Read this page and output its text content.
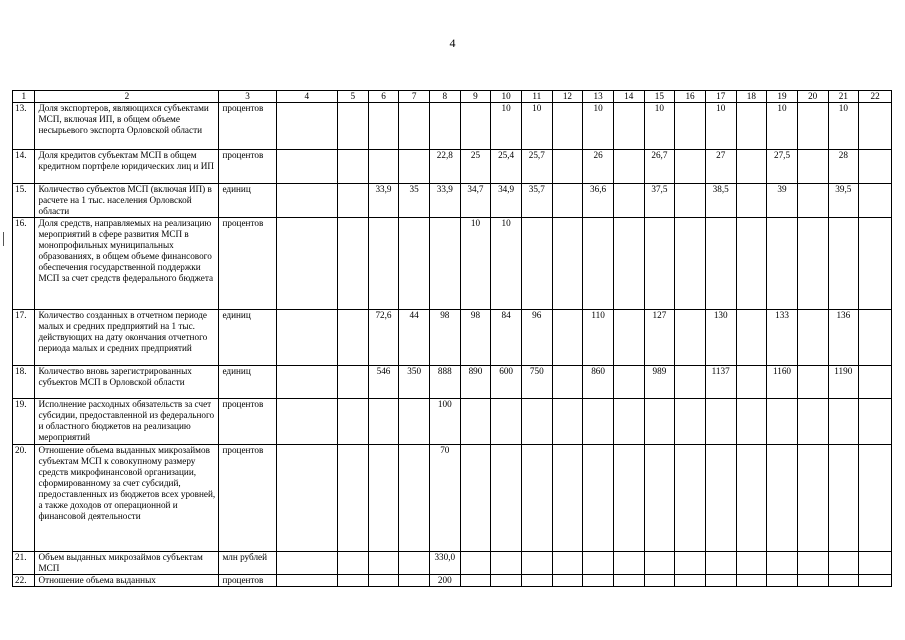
4
1	2	3	4	5	6	7	8	9	10	11	12	13	14	15	16	17	18	19	20	21	22
13.	Доля экспортеров, являющихся субъектами МСП, включая ИП, в общем объеме несырьевого экспорта Орловской области	процентов							10	10		10		10		10		10		10	
14.	Доля кредитов субъектам МСП в общем кредитном портфеле юридических лиц и ИП	процентов					22,8	25	25,4	25,7		26		26,7		27		27,5		28	
15.	Количество субъектов МСП (включая ИП) в расчете на 1 тыс. населения Орловской области	единиц			33,9	35	33,9	34,7	34,9	35,7		36,6		37,5		38,5		39		39,5	
16.	Доля средств, направляемых на реализацию мероприятий в сфере развития МСП в монопрофильных муниципальных образованиях, в общем объеме финансового обеспечения государственной поддержки МСП за счет средств федерального бюджета	процентов						10	10												
17.	Количество созданных в отчетном периоде малых и средних предприятий на 1 тыс. действующих на дату окончания отчетного периода малых и средних предприятий	единиц			72,6	44	98	98	84	96		110		127		130		133		136	
18.	Количество вновь зарегистрированных субъектов МСП в Орловской области	единиц			546	350	888	890	600	750		860		989		1137		1160		1190	
19.	Исполнение расходных обязательств за счет субсидии, предоставленной из федерального и областного бюджетов на реализацию мероприятий	процентов					100														
20.	Отношение объема выданных микрозаймов субъектам МСП к совокупному размеру средств микрофинансовой организации, сформированному за счет субсидий, предоставленных из бюджетов всех уровней, а также доходов от операционной и финансовой деятельности	процентов					70														
21.	Объем выданных микрозаймов субъектам МСП	млн рублей					330,0														
22.	Отношение объема выданных	процентов					200														
